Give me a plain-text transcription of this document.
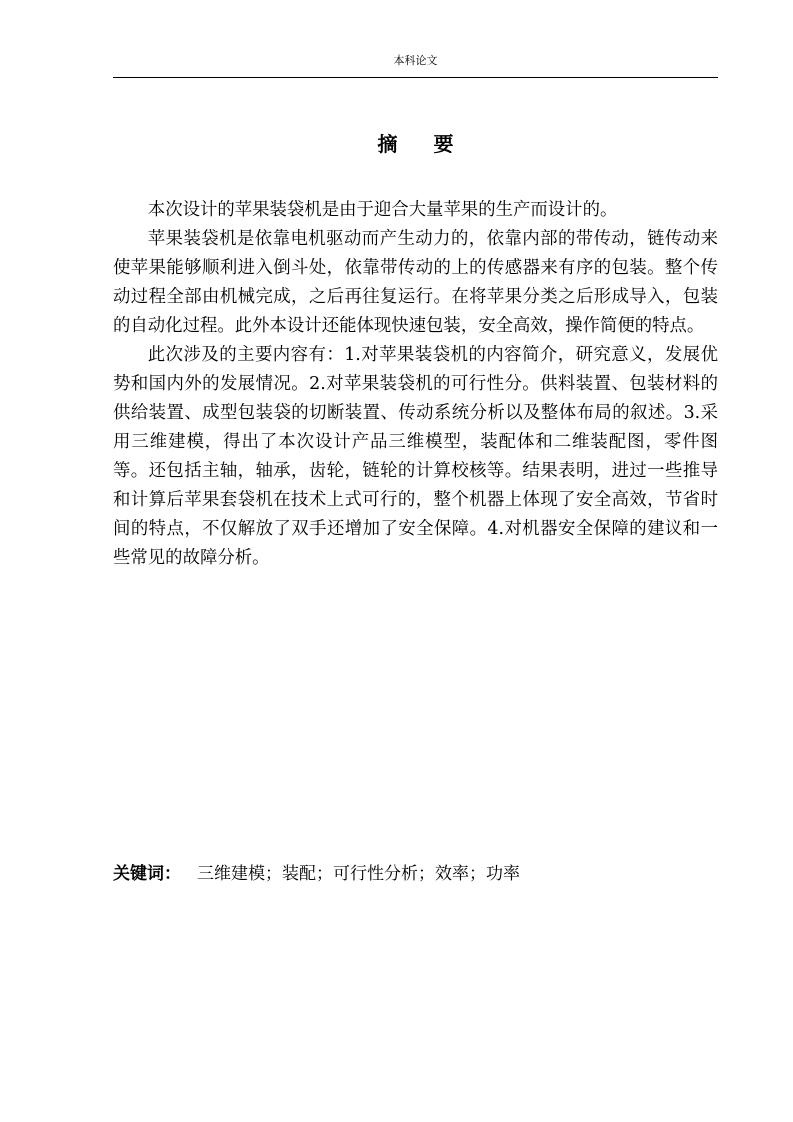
本科论文
摘要

本次设计的苹果装袋机是由于迎合大量苹果的生产而设计的。

苹果装袋机是依靠电机驱动而产生动力的，依靠内部的带传动，链传动来使苹果能够顺利进入倒斗处，依靠带传动的上的传感器来有序的包装。整个传动过程全部由机械完成，之后再往复运行。在将苹果分类之后形成导入，包装的自动化过程。此外本设计还能体现快速包装，安全高效，操作简便的特点。

此次涉及的主要内容有：1.对苹果装袋机的内容简介，研究意义，发展优势和国内外的发展情况。2.对苹果装袋机的可行性分。供料装置、包装材料的供给装置、成型包装袋的切断装置、传动系统分析以及整体布局的叙述。3.采用三维建模，得出了本次设计产品三维模型，装配体和二维装配图，零件图等。还包括主轴，轴承，齿轮，链轮的计算校核等。结果表明，进过一些推导和计算后苹果套袋机在技术上式可行的，整个机器上体现了安全高效，节省时间的特点，不仅解放了双手还增加了安全保障。4.对机器安全保障的建议和一些常见的故障分析。

关键词： 三维建模；装配；可行性分析；效率；功率
